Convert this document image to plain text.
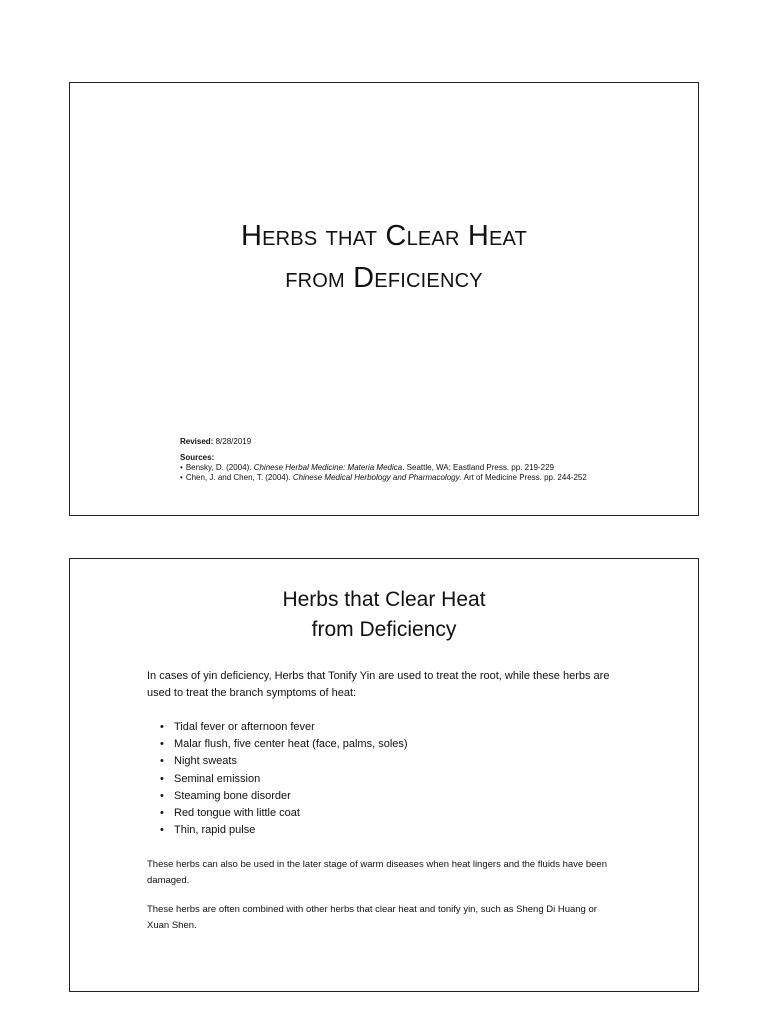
Herbs that Clear Heat
from Deficiency
Revised: 8/28/2019
Sources:
• Bensky, D. (2004). Chinese Herbal Medicine: Materia Medica. Seattle, WA: Eastland Press. pp. 219-229
• Chen, J. and Chen, T. (2004). Chinese Medical Herbology and Pharmacology. Art of Medicine Press. pp. 244-252
Herbs that Clear Heat
from Deficiency

In cases of yin deficiency, Herbs that Tonify Yin are used to treat the root, while these herbs are used to treat the branch symptoms of heat:

• Tidal fever or afternoon fever
• Malar flush, five center heat (face, palms, soles)
• Night sweats
• Seminal emission
• Steaming bone disorder
• Red tongue with little coat
• Thin, rapid pulse

These herbs can also be used in the later stage of warm diseases when heat lingers and the fluids have been damaged.

These herbs are often combined with other herbs that clear heat and tonify yin, such as Sheng Di Huang or Xuan Shen.
